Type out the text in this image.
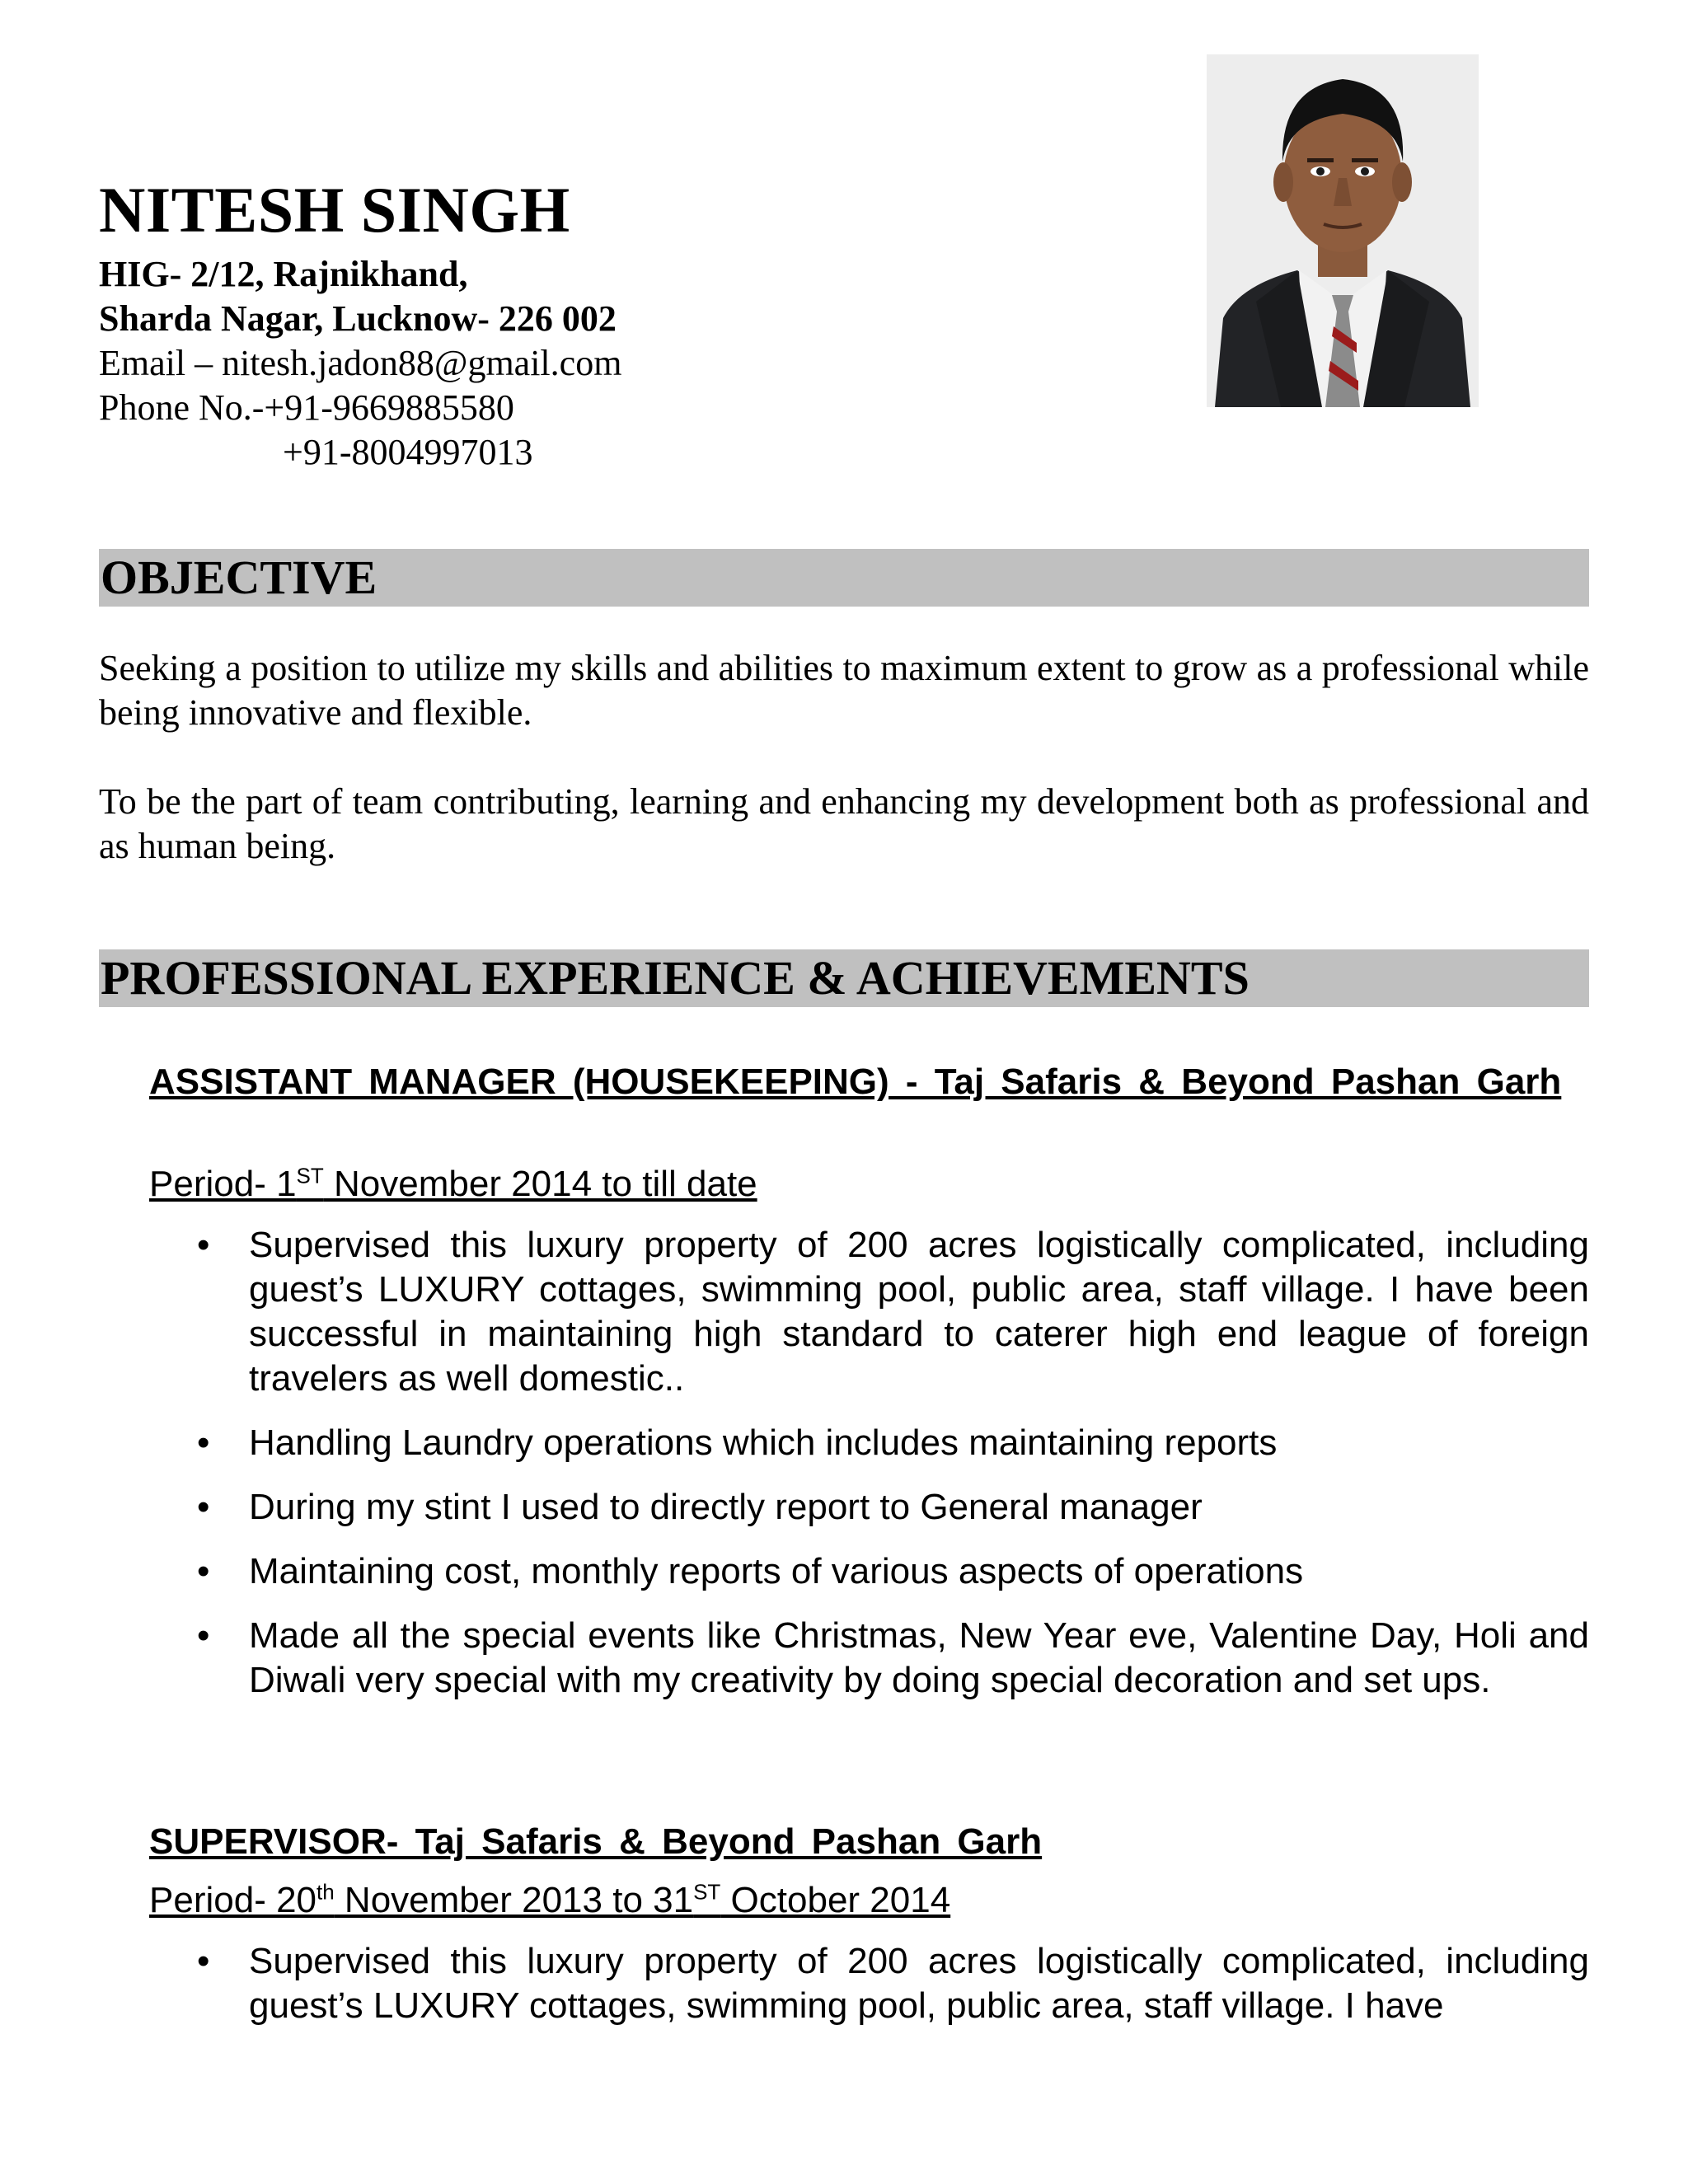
NITESH SINGH
HIG- 2/12, Rajnikhand,
Sharda Nagar, Lucknow- 226 002
Email – nitesh.jadon88@gmail.com
Phone No.-+91-9669885580
+91-8004997013
OBJECTIVE

Seeking a position to utilize my skills and abilities to maximum extent to grow as a professional while being innovative and flexible.

To be the part of team contributing, learning and enhancing my development both as professional and as human being.

PROFESSIONAL EXPERIENCE & ACHIEVEMENTS

ASSISTANT MANAGER (HOUSEKEEPING) - Taj Safaris & Beyond Pashan Garh

Period- 1ST November 2014 to till date

• Supervised this luxury property of 200 acres logistically complicated, including guest’s LUXURY cottages, swimming pool, public area, staff village. I have been successful in maintaining high standard to caterer high end league of foreign travelers as well domestic..
• Handling Laundry operations which includes maintaining reports
• During my stint I used to directly report to General manager
• Maintaining cost, monthly reports of various aspects of operations
• Made all the special events like Christmas, New Year eve, Valentine Day, Holi and Diwali very special with my creativity by doing special decoration and set ups.

SUPERVISOR- Taj Safaris & Beyond Pashan Garh

Period- 20th November 2013 to 31ST October 2014

• Supervised this luxury property of 200 acres logistically complicated, including guest’s LUXURY cottages, swimming pool, public area, staff village. I have
